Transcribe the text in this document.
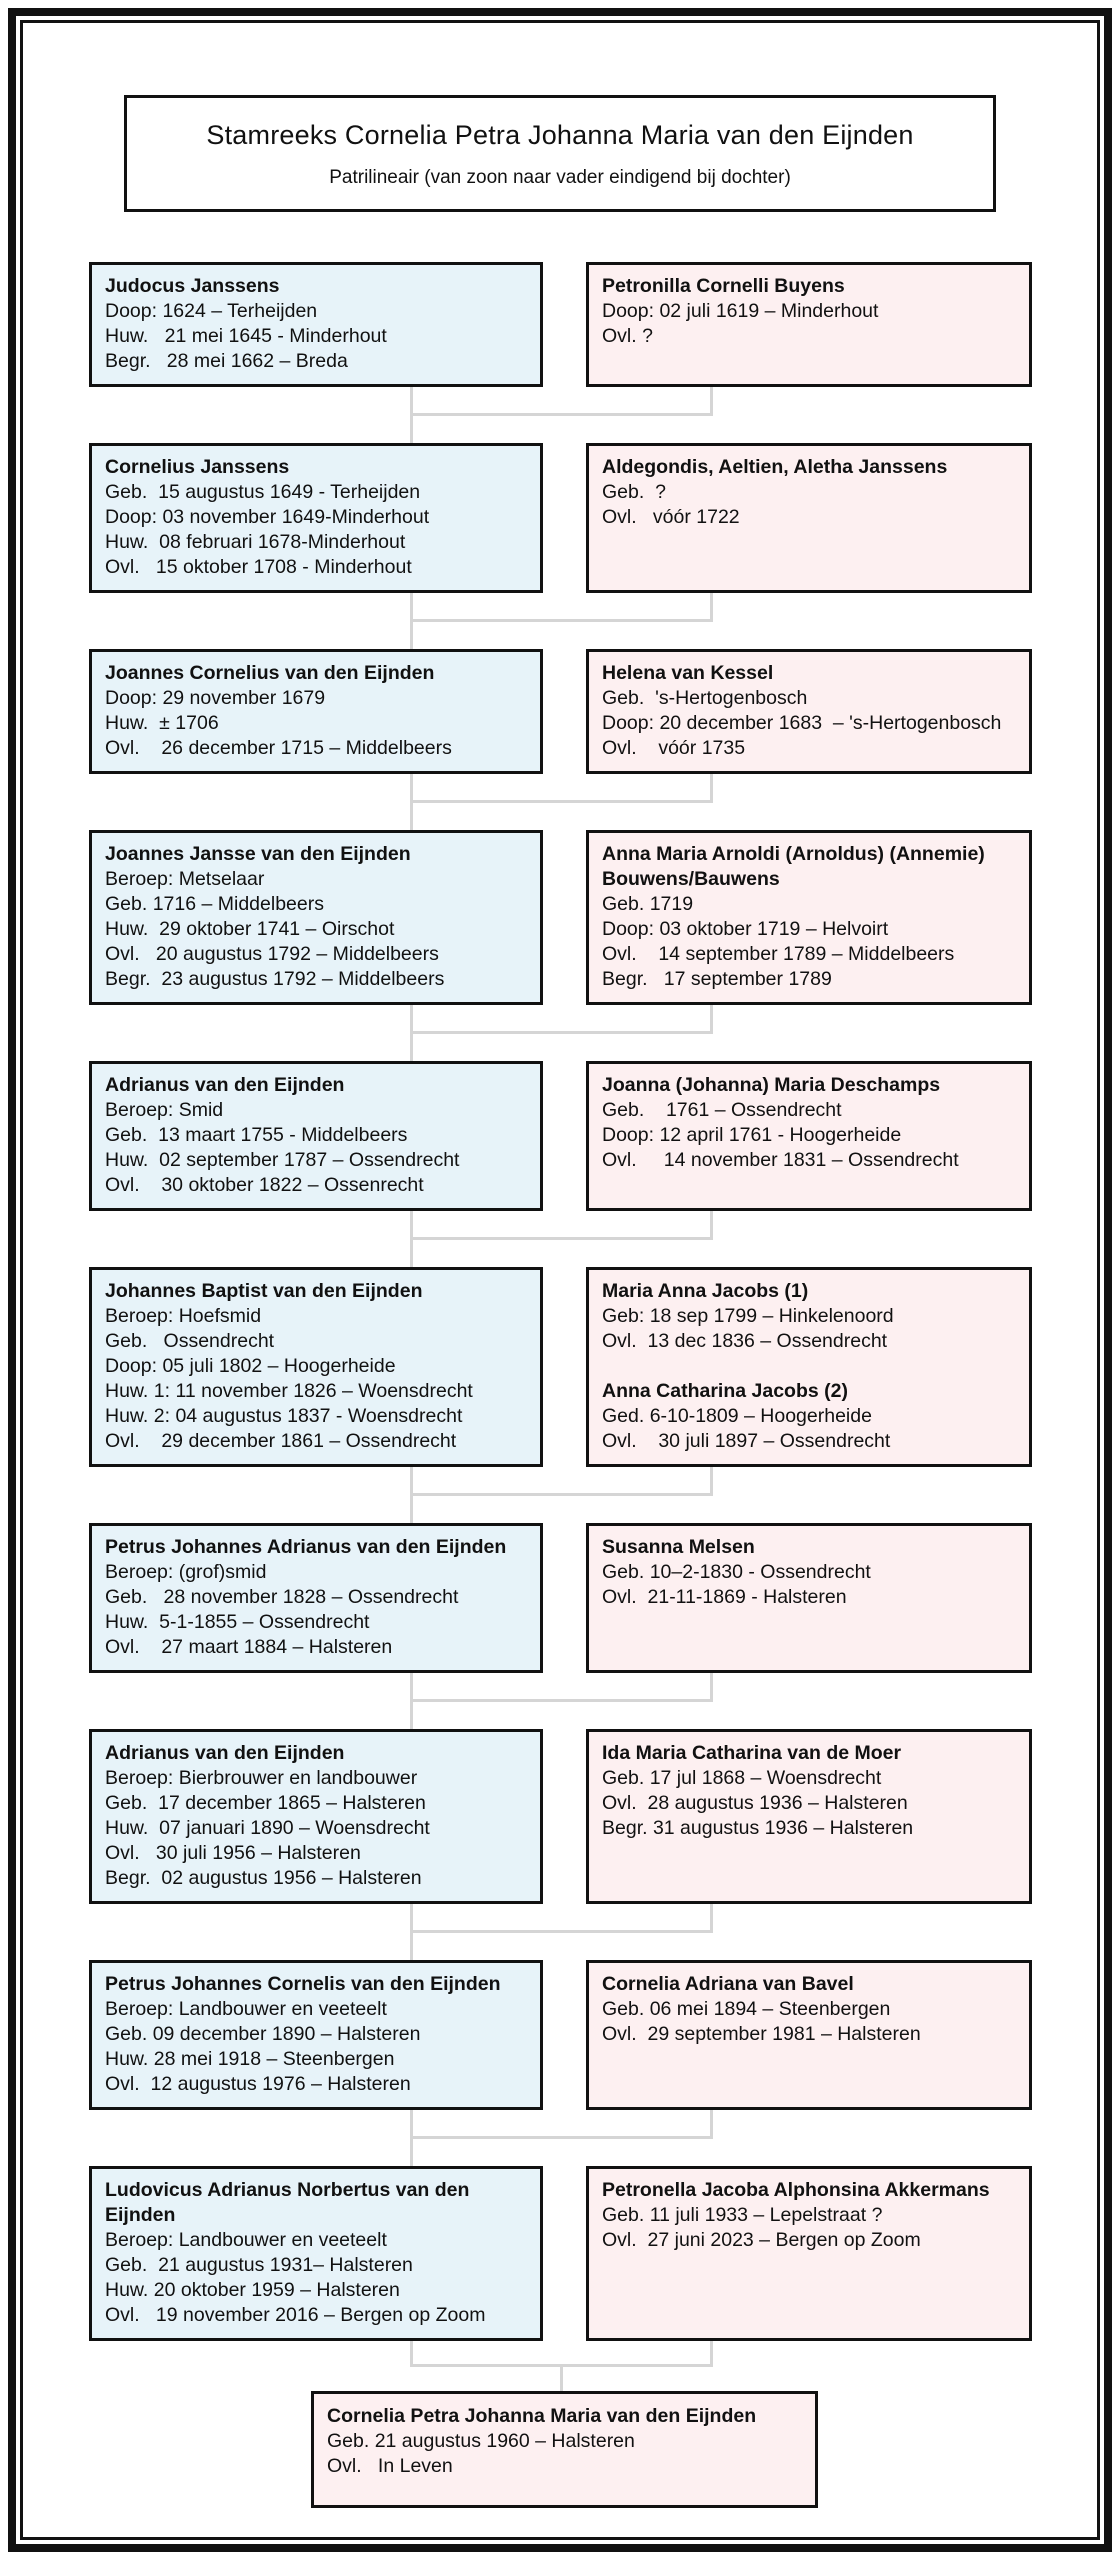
Stamreeks Cornelia Petra Johanna Maria van den Eijnden
Patrilineair (van zoon naar vader eindigend bij dochter)
Judocus Janssens
Doop: 1624 – Terheijden
Huw.   21 mei 1645 - Minderhout
Begr.   28 mei 1662 – Breda
Petronilla Cornelli Buyens
Doop: 02 juli 1619 – Minderhout
Ovl. ?
Cornelius Janssens
Geb.  15 augustus 1649 - Terheijden
Doop: 03 november 1649-Minderhout
Huw.  08 februari 1678-Minderhout
Ovl.   15 oktober 1708 - Minderhout
Aldegondis, Aeltien, Aletha Janssens
Geb.  ?
Ovl.   vóór 1722
Joannes Cornelius van den Eijnden
Doop: 29 november 1679
Huw.  ± 1706
Ovl.    26 december 1715 – Middelbeers
Helena van Kessel
Geb.  's-Hertogenbosch
Doop: 20 december 1683  – 's-Hertogenbosch
Ovl.    vóór 1735
Joannes Jansse van den Eijnden
Beroep: Metselaar
Geb. 1716 – Middelbeers
Huw.  29 oktober 1741 – Oirschot
Ovl.   20 augustus 1792 – Middelbeers
Begr.  23 augustus 1792 – Middelbeers
Anna Maria Arnoldi (Arnoldus) (Annemie) Bouwens/Bauwens
Geb. 1719
Doop: 03 oktober 1719 – Helvoirt
Ovl.    14 september 1789 – Middelbeers
Begr.   17 september 1789
Adrianus van den Eijnden
Beroep: Smid
Geb.  13 maart 1755 - Middelbeers
Huw.  02 september 1787 – Ossendrecht
Ovl.    30 oktober 1822 – Ossenrecht
Joanna (Johanna) Maria Deschamps
Geb.    1761 – Ossendrecht
Doop: 12 april 1761 - Hoogerheide
Ovl.     14 november 1831 – Ossendrecht
Johannes Baptist van den Eijnden
Beroep: Hoefsmid
Geb.   Ossendrecht
Doop: 05 juli 1802 – Hoogerheide
Huw. 1: 11 november 1826 – Woensdrecht
Huw. 2: 04 augustus 1837 - Woensdrecht
Ovl.    29 december 1861 – Ossendrecht
Maria Anna Jacobs (1)
Geb: 18 sep 1799 – Hinkelenoord
Ovl.  13 dec 1836 – Ossendrecht
Anna Catharina Jacobs (2)
Ged. 6-10-1809 – Hoogerheide
Ovl.    30 juli 1897 – Ossendrecht
Petrus Johannes Adrianus van den Eijnden
Beroep: (grof)smid
Geb.   28 november 1828 – Ossendrecht
Huw.  5-1-1855 – Ossendrecht
Ovl.    27 maart 1884 – Halsteren
Susanna Melsen
Geb. 10–2-1830 - Ossendrecht
Ovl.  21-11-1869 - Halsteren
Adrianus van den Eijnden
Beroep: Bierbrouwer en landbouwer
Geb.  17 december 1865 – Halsteren
Huw.  07 januari 1890 – Woensdrecht
Ovl.   30 juli 1956 – Halsteren
Begr.  02 augustus 1956 – Halsteren
Ida Maria Catharina van de Moer
Geb. 17 jul 1868 – Woensdrecht
Ovl.  28 augustus 1936 – Halsteren
Begr. 31 augustus 1936 – Halsteren
Petrus Johannes Cornelis van den Eijnden
Beroep: Landbouwer en veeteelt
Geb. 09 december 1890 – Halsteren
Huw. 28 mei 1918 – Steenbergen
Ovl.  12 augustus 1976 – Halsteren
Cornelia Adriana van Bavel
Geb. 06 mei 1894 – Steenbergen
Ovl.  29 september 1981 – Halsteren
Ludovicus Adrianus Norbertus van den Eijnden
Beroep: Landbouwer en veeteelt
Geb.  21 augustus 1931– Halsteren
Huw. 20 oktober 1959 – Halsteren
Ovl.   19 november 2016 – Bergen op Zoom
Petronella Jacoba Alphonsina Akkermans
Geb. 11 juli 1933 – Lepelstraat ?
Ovl.  27 juni 2023 – Bergen op Zoom
Cornelia Petra Johanna Maria van den Eijnden
Geb. 21 augustus 1960 – Halsteren
Ovl.   In Leven
